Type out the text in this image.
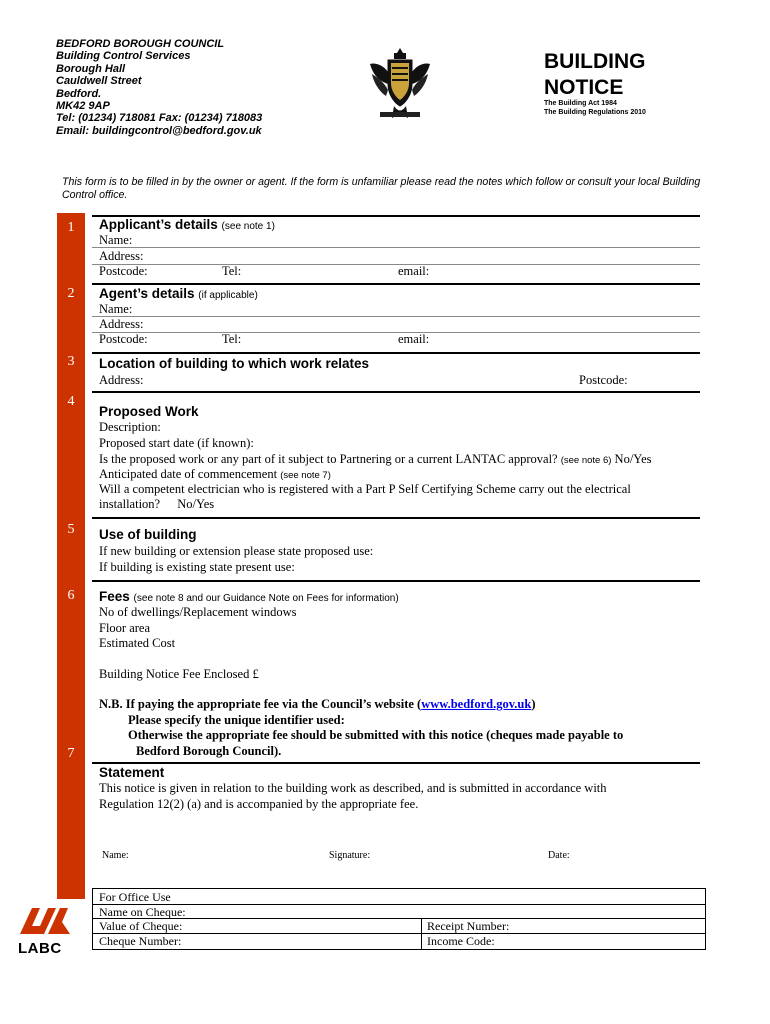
BEDFORD BOROUGH COUNCIL
Building Control Services
Borough Hall
Cauldwell Street
Bedford.
MK42 9AP
Tel: (01234) 718081 Fax: (01234) 718083
Email: buildingcontrol@bedford.gov.uk
BUILDING
NOTICE
The Building Act 1984
The Building Regulations 2010
This form is to be filled in by the owner or agent. If the form is unfamiliar please read the notes which follow or consult your local Building Control office.
1
2
3
4
5
6
7
Applicant’s details (see note 1)
Name:
Address:
Postcode:	Tel:	email:
Agent’s details (if applicable)
Name:
Address:
Postcode:	Tel:	email:
Location of building to which work relates
Address:	Postcode:
Proposed Work
Description:
Proposed start date (if known):
Is the proposed work or any part of it subject to Partnering or a current LANTAC approval? (see note 6) No/Yes
Anticipated date of commencement (see note 7)
Will a competent electrician who is registered with a Part P Self Certifying Scheme carry out the electrical
installation? No/Yes
Use of building
If new building or extension please state proposed use:
If building is existing state present use:
Fees (see note 8 and our Guidance Note on Fees for information)
No of dwellings/Replacement windows
Floor area
Estimated Cost
Building Notice Fee Enclosed £
N.B. If paying the appropriate fee via the Council’s website (www.bedford.gov.uk)
Please specify the unique identifier used:
Otherwise the appropriate fee should be submitted with this notice (cheques made payable to
Bedford Borough Council).
Statement
This notice is given in relation to the building work as described, and is submitted in accordance with
Regulation 12(2) (a) and is accompanied by the appropriate fee.
Name:	Signature:	Date:
For Office Use
Name on Cheque:
Value of Cheque:	Receipt Number:
Cheque Number:	Income Code:
LABC
